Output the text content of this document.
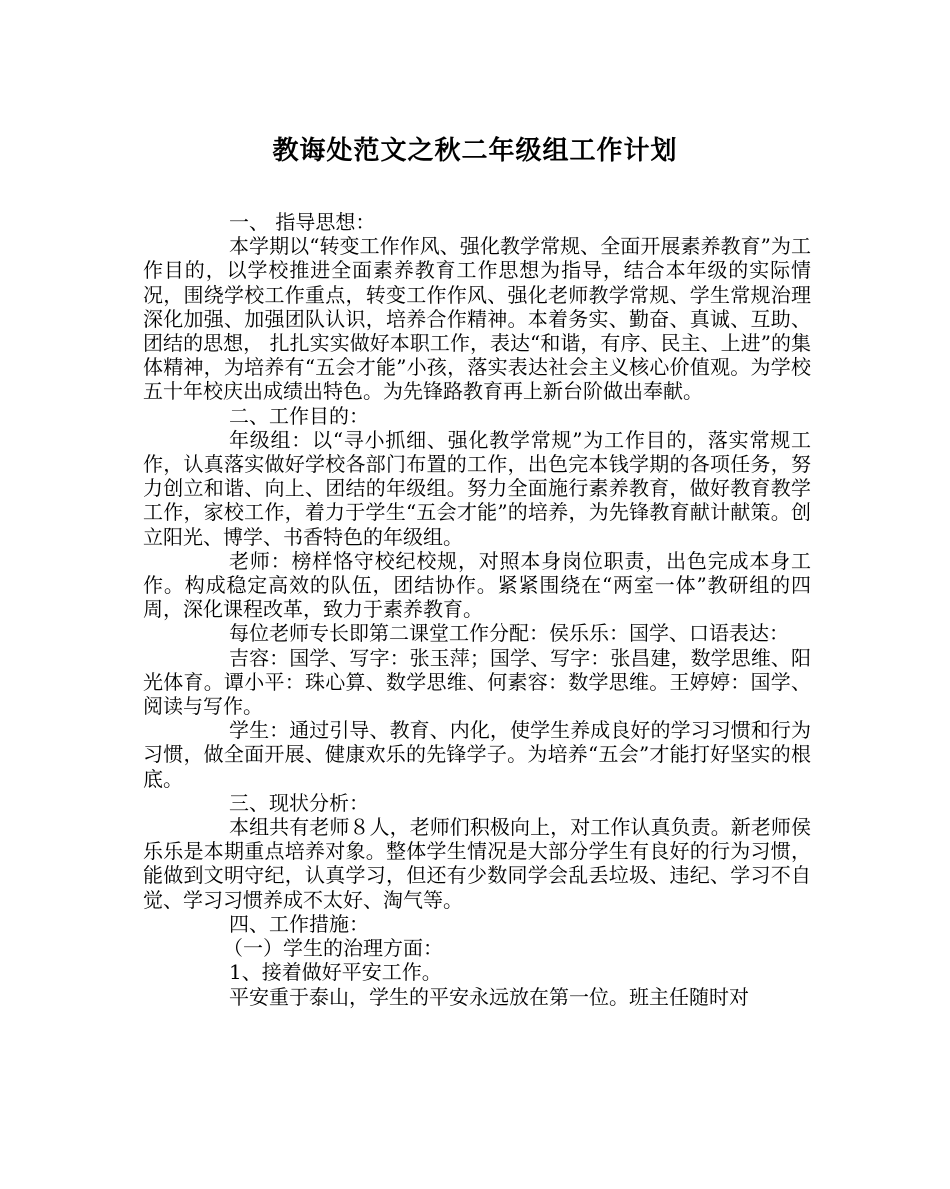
教诲处范文之秋二年级组工作计划

一、 指导思想：

本学期以“转变工作作风、强化教学常规、全面开展素养教育”为工作目的，以学校推进全面素养教育工作思想为指导，结合本年级的实际情况，围绕学校工作重点，转变工作作风、强化老师教学常规、学生常规治理深化加强、加强团队认识，培养合作精神。本着务实、勤奋、真诚、互助、团结的思想， 扎扎实实做好本职工作，表达“和谐，有序、民主、上进”的集体精神，为培养有“五会才能”小孩，落实表达社会主义核心价值观。为学校五十年校庆出成绩出特色。为先锋路教育再上新台阶做出奉献。

二、工作目的：

年级组：以“寻小抓细、强化教学常规”为工作目的，落实常规工作，认真落实做好学校各部门布置的工作，出色完本钱学期的各项任务，努力创立和谐、向上、团结的年级组。努力全面施行素养教育，做好教育教学工作，家校工作，着力于学生“五会才能”的培养，为先锋教育献计献策。创立阳光、博学、书香特色的年级组。

老师：榜样恪守校纪校规，对照本身岗位职责，出色完成本身工作。构成稳定高效的队伍，团结协作。紧紧围绕在“两室一体”教研组的四周，深化课程改革，致力于素养教育。

每位老师专长即第二课堂工作分配：侯乐乐：国学、口语表达：

吉容：国学、写字：张玉萍；国学、写字：张昌建，数学思维、阳光体育。谭小平：珠心算、数学思维、何素容：数学思维。王婷婷：国学、阅读与写作。

学生：通过引导、教育、内化，使学生养成良好的学习习惯和行为习惯，做全面开展、健康欢乐的先锋学子。为培养“五会”才能打好坚实的根底。

三、现状分析：

本组共有老师８人，老师们积极向上，对工作认真负责。新老师侯乐乐是本期重点培养对象。整体学生情况是大部分学生有良好的行为习惯，能做到文明守纪，认真学习，但还有少数同学会乱丢垃圾、违纪、学习不自觉、学习习惯养成不太好、淘气等。

四、工作措施：

（一）学生的治理方面：

1、接着做好平安工作。

平安重于泰山，学生的平安永远放在第一位。班主任随时对
